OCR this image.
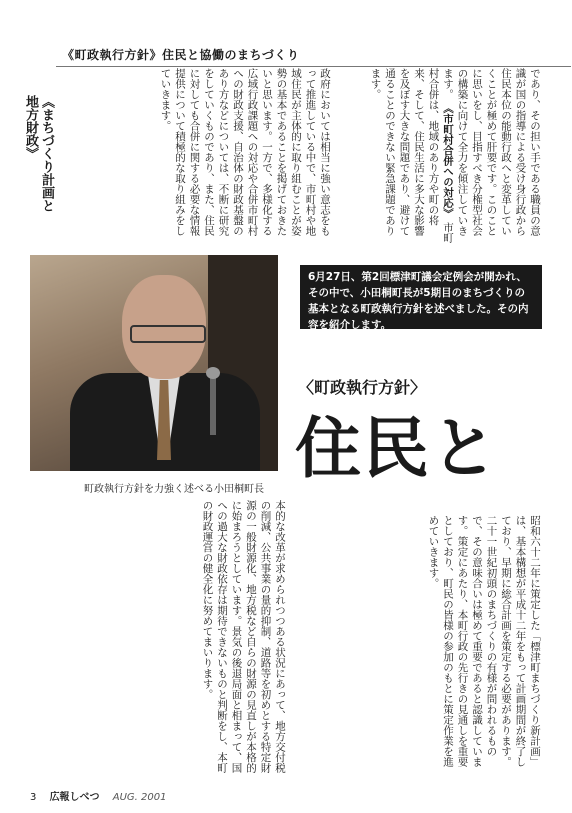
《町政執行方針》住民と協働のまちづくり
《まちづくり計画と地方財政》	であり、その担い手である職員の意識が国の指導による受け身行政から住民本位の能動行政へと変革していくことが極めて肝要です。このことに思いをし、目指すべき分権型社会の構築に向けて全力を傾注していきます。 《市町村合併への対応》 市町村合併は、地域のあり方や町の将来、そして、住民生活に多大な影響を及ぼす大きな問題であり、避けて通ることのできない緊急課題であります。
政府においては相当に強い意志をもって推進している中で、市町村や地域住民が主体的に取り組むことが姿勢の基本であることを掲げておきたいと思います。一方で、多様化する広域行政課題への対応や合併市町村への財政支援、自治体の財政基盤のあり方などについては、不断に研究をしていくものであり、また、住民に対しても合併に関する必要な情報提供について積極的な取り組みをしていきます。
町政執行方針を力強く述べる小田桐町長
6月27日、第2回標津町議会定例会が開かれ、その中で、小田桐町長が5期目のまちづくりの基本となる町政執行方針を述べました。その内容を紹介します。
〈町政執行方針〉
住民と
昭和六十二年に策定した「標津町まちづくり新計画」は、基本構想が平成十二年をもって計画期間が終了しており、早期に総合計画を策定する必要があります。二十一世紀初頭のまちづくりの有様が問われるもので、その意味合いは極めて重要であると認識しています。策定にあたり、本町行政の先行きの見通しを重要としており、町民の皆様の参加のもとに策定作業を進めていきます。
本的な改革が求められつつある状況にあって、地方交付税の削減、公共事業の量的抑制、道路等を初めとする特定財源の一般財源化、地方税など自らの財源の見直しが本格的に始まろうとしています。景気の後退局面と相まって、国への過大な財政依存は期待できないものと判断をし、本町の財政運営の健全化に努めてまいります。
3 広報しべつ AUG. 2001
